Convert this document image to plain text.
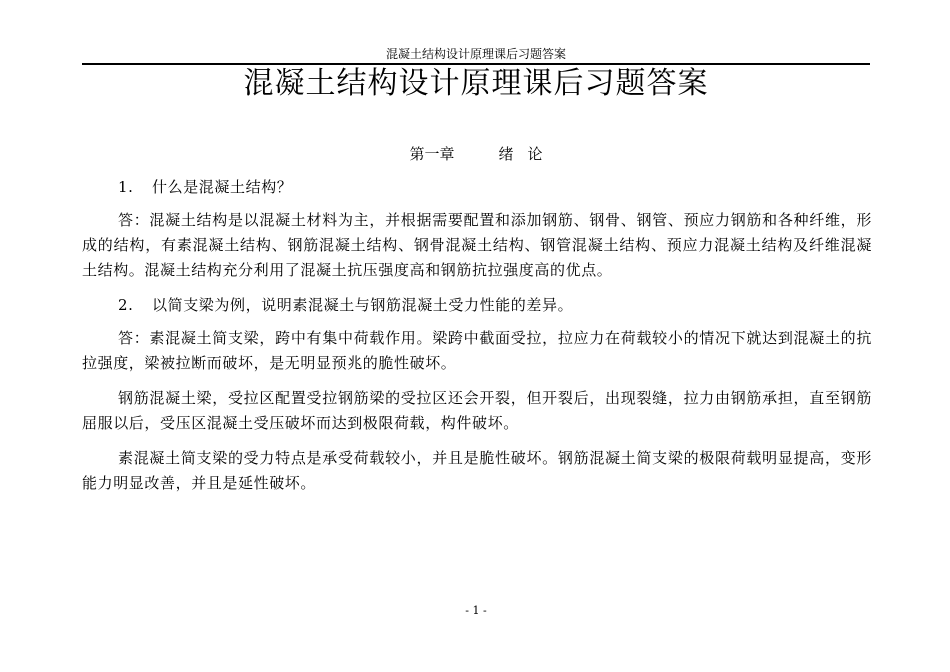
混凝土结构设计原理课后习题答案
混凝土结构设计原理课后习题答案
第一章	绪 论

1. 什么是混凝土结构？

答：混凝土结构是以混凝土材料为主，并根据需要配置和添加钢筋、钢骨、钢管、预应力钢筋和各种纤维，形成的结构，有素混凝土结构、钢筋混凝土结构、钢骨混凝土结构、钢管混凝土结构、预应力混凝土结构及纤维混凝土结构。混凝土结构充分利用了混凝土抗压强度高和钢筋抗拉强度高的优点。

2. 以简支梁为例，说明素混凝土与钢筋混凝土受力性能的差异。

答：素混凝土简支梁，跨中有集中荷载作用。梁跨中截面受拉，拉应力在荷载较小的情况下就达到混凝土的抗拉强度，梁被拉断而破坏，是无明显预兆的脆性破坏。

钢筋混凝土梁，受拉区配置受拉钢筋梁的受拉区还会开裂，但开裂后，出现裂缝，拉力由钢筋承担，直至钢筋屈服以后，受压区混凝土受压破坏而达到极限荷载，构件破坏。

素混凝土简支梁的受力特点是承受荷载较小，并且是脆性破坏。钢筋混凝土简支梁的极限荷载明显提高，变形能力明显改善，并且是延性破坏。

- 1 -
